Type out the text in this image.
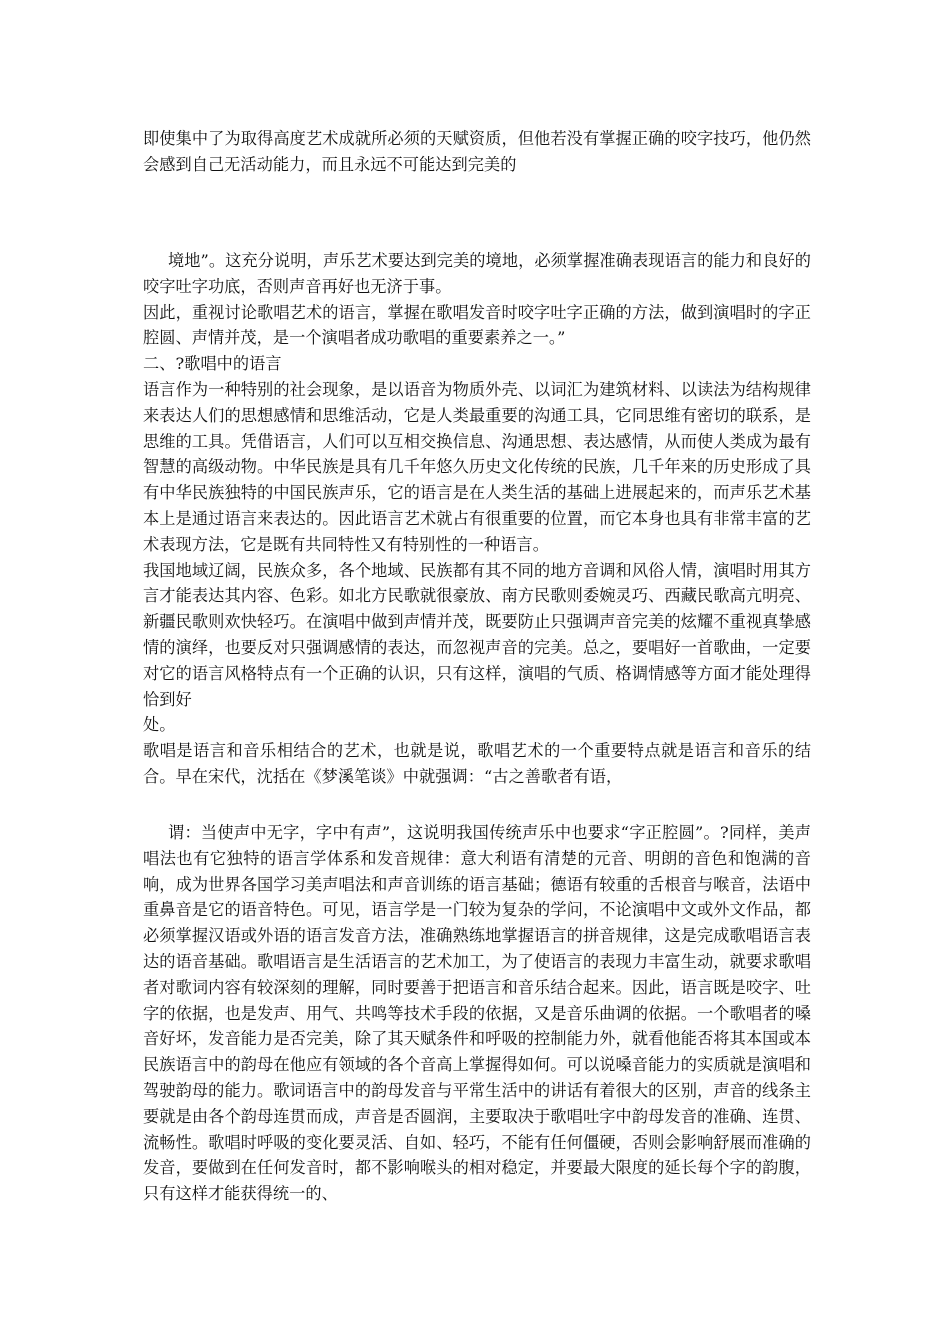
即使集中了为取得高度艺术成就所必须的天赋资质，但他若没有掌握正确的咬字技巧，他仍然会感到自己无活动能力，而且永远不可能达到完美的

境地”。这充分说明，声乐艺术要达到完美的境地，必须掌握准确表现语言的能力和良好的咬字吐字功底，否则声音再好也无济于事。

因此，重视讨论歌唱艺术的语言，掌握在歌唱发音时咬字吐字正确的方法，做到演唱时的字正腔圆、声情并茂，是一个演唱者成功歌唱的重要素养之一。”

二、?歌唱中的语言

语言作为一种特别的社会现象，是以语音为物质外壳、以词汇为建筑材料、以读法为结构规律来表达人们的思想感情和思维活动，它是人类最重要的沟通工具，它同思维有密切的联系，是思维的工具。凭借语言，人们可以互相交换信息、沟通思想、表达感情，从而使人类成为最有智慧的高级动物。中华民族是具有几千年悠久历史文化传统的民族，几千年来的历史形成了具有中华民族独特的中国民族声乐，它的语言是在人类生活的基础上进展起来的，而声乐艺术基本上是通过语言来表达的。因此语言艺术就占有很重要的位置，而它本身也具有非常丰富的艺术表现方法，它是既有共同特性又有特别性的一种语言。

我国地域辽阔，民族众多，各个地域、民族都有其不同的地方音调和风俗人情，演唱时用其方言才能表达其内容、色彩。如北方民歌就很豪放、南方民歌则委婉灵巧、西藏民歌高亢明亮、新疆民歌则欢快轻巧。在演唱中做到声情并茂，既要防止只强调声音完美的炫耀不重视真挚感情的演绎，也要反对只强调感情的表达，而忽视声音的完美。总之，要唱好一首歌曲，一定要对它的语言风格特点有一个正确的认识，只有这样，演唱的气质、格调情感等方面才能处理得恰到好

处。

歌唱是语言和音乐相结合的艺术，也就是说，歌唱艺术的一个重要特点就是语言和音乐的结合。早在宋代，沈括在《梦溪笔谈》中就强调：“古之善歌者有语，

谓：当使声中无字，字中有声”，这说明我国传统声乐中也要求“字正腔圆”。?同样，美声唱法也有它独特的语言学体系和发音规律：意大利语有清楚的元音、明朗的音色和饱满的音响，成为世界各国学习美声唱法和声音训练的语言基础；德语有较重的舌根音与喉音，法语中重鼻音是它的语音特色。可见，语言学是一门较为复杂的学问，不论演唱中文或外文作品，都必须掌握汉语或外语的语言发音方法，准确熟练地掌握语言的拼音规律，这是完成歌唱语言表达的语音基础。歌唱语言是生活语言的艺术加工，为了使语言的表现力丰富生动，就要求歌唱者对歌词内容有较深刻的理解，同时要善于把语言和音乐结合起来。因此，语言既是咬字、吐字的依据，也是发声、用气、共鸣等技术手段的依据，又是音乐曲调的依据。一个歌唱者的嗓音好坏，发音能力是否完美，除了其天赋条件和呼吸的控制能力外，就看他能否将其本国或本民族语言中的韵母在他应有领域的各个音高上掌握得如何。可以说嗓音能力的实质就是演唱和驾驶韵母的能力。歌词语言中的韵母发音与平常生活中的讲话有着很大的区别，声音的线条主要就是由各个韵母连贯而成，声音是否圆润，主要取决于歌唱吐字中韵母发音的准确、连贯、流畅性。歌唱时呼吸的变化要灵活、自如、轻巧，不能有任何僵硬，否则会影响舒展而准确的发音，要做到在任何发音时，都不影响喉头的相对稳定，并要最大限度的延长每个字的韵腹，只有这样才能获得统一的、
